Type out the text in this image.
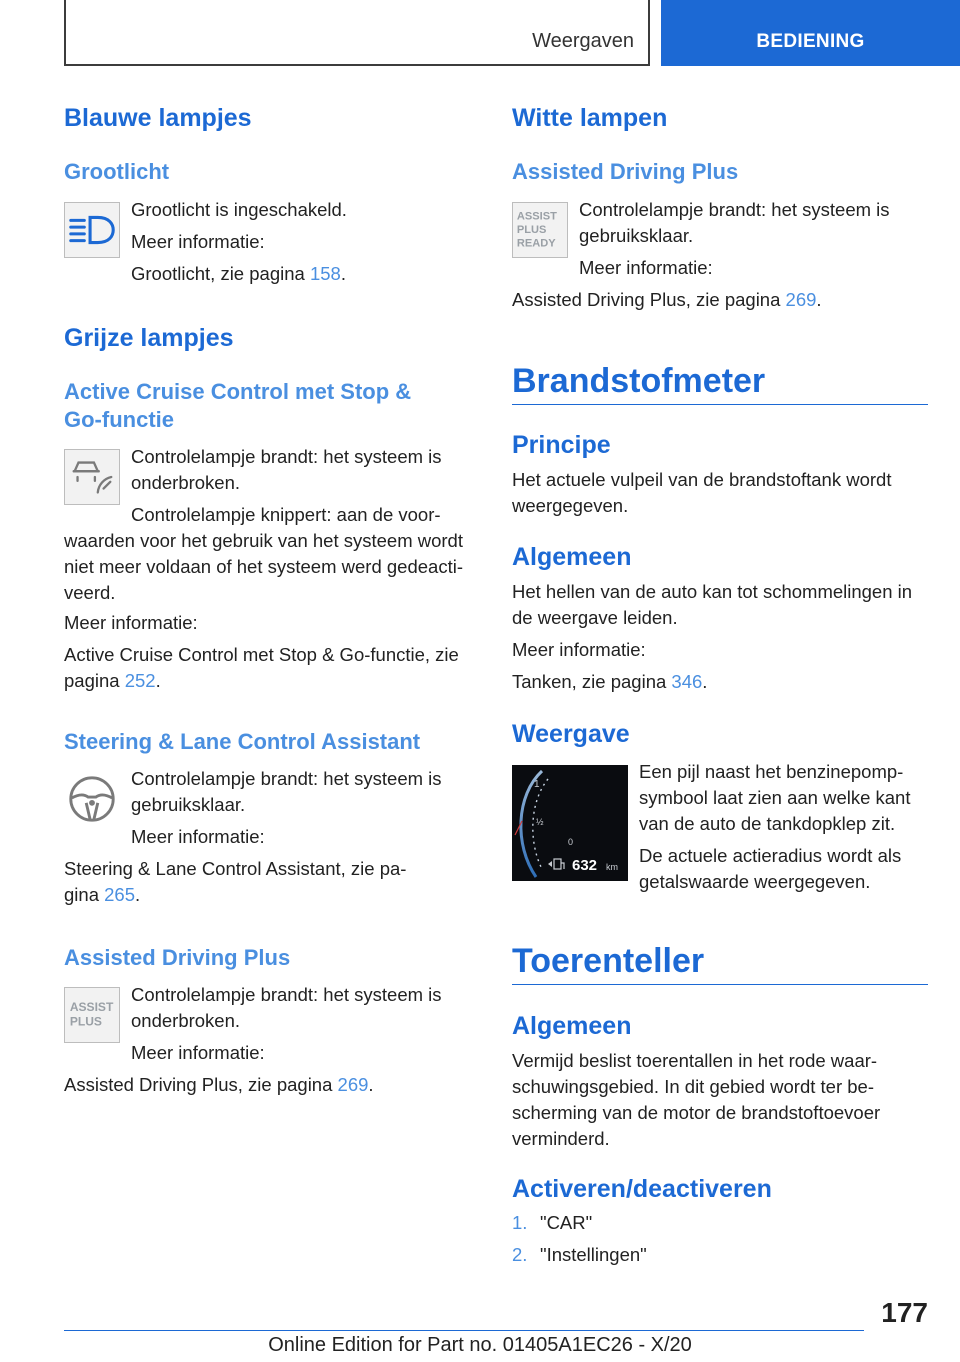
Weergaven	BEDIENING
Blauwe lampjes
Grootlicht
Grootlicht is ingeschakeld.
Meer informatie:
Grootlicht, zie pagina 158.
Grijze lampjes
Active Cruise Control met Stop &
Go-functie
Controlelampje brandt: het systeem is
onderbroken.
Controlelampje knippert: aan de voor-
waarden voor het gebruik van het systeem wordt
niet meer voldaan of het systeem werd gedeacti-
veerd.
Meer informatie:
Active Cruise Control met Stop & Go-functie, zie
pagina 252.
Steering & Lane Control Assistant
Controlelampje brandt: het systeem is
gebruiksklaar.
Meer informatie:
Steering & Lane Control Assistant, zie pa-
gina 265.
Assisted Driving Plus
ASSIST
PLUS
Controlelampje brandt: het systeem is
onderbroken.
Meer informatie:
Assisted Driving Plus, zie pagina 269.
Witte lampen
Assisted Driving Plus
ASSIST
PLUS
READY
Controlelampje brandt: het systeem is
gebruiksklaar.
Meer informatie:
Assisted Driving Plus, zie pagina 269.
Brandstofmeter
Principe
Het actuele vulpeil van de brandstoftank wordt
weergegeven.
Algemeen
Het hellen van de auto kan tot schommelingen in
de weergave leiden.
Meer informatie:
Tanken, zie pagina 346.
Weergave
1
½
0
632 km
Een pijl naast het benzinepomp-
symbool laat zien aan welke kant
van de auto de tankdopklep zit.
De actuele actieradius wordt als
getalswaarde weergegeven.
Toerenteller
Algemeen
Vermijd beslist toerentallen in het rode waar-
schuwingsgebied. In dit gebied wordt ter be-
scherming van de motor de brandstoftoevoer
verminderd.
Activeren/deactiveren
1. "CAR"
2. "Instellingen"
177
Online Edition for Part no. 01405A1EC26 - X/20
